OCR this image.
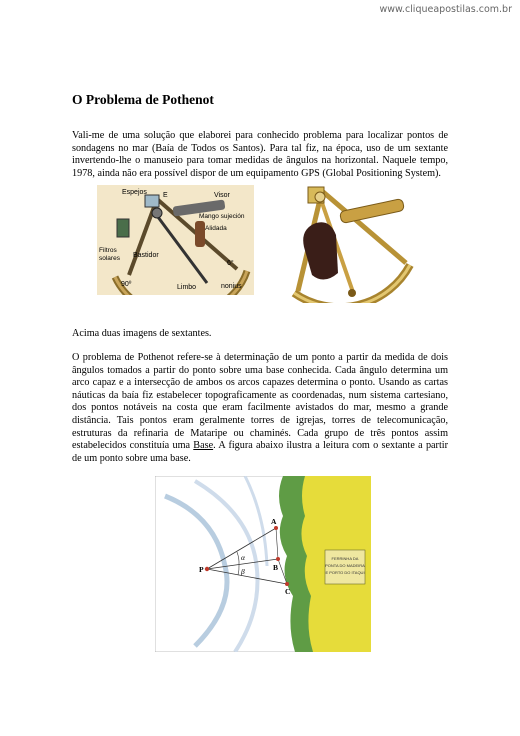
www.cliqueapostilas.com.br
O Problema de Pothenot

Vali-me de uma solução que elaborei para conhecido problema para localizar pontos de sondagens no mar (Baía de Todos os Santos). Para tal fiz, na época, uso de um sextante invertendo-lhe o manuseio para tomar medidas de ângulos na horizontal. Naquele tempo, 1978, ainda não era possível dispor de um equipamento GPS (Global Positioning System).

Espejos E	Visor
Mango sujeción
Alidada
Filtros
solares Bastidor
6°
90º	Limbo	nonius

Acima duas imagens de sextantes.

O problema de Pothenot refere-se à determinação de um ponto a partir da medida de dois ângulos tomados a partir do ponto sobre uma base conhecida. Cada ângulo determina um arco capaz e a intersecção de ambos os arcos capazes determina o ponto. Usando as cartas náuticas da baía fiz estabelecer topograficamente as coordenadas, num sistema cartesiano, dos pontos notáveis na costa que eram facilmente avistados do mar, mesmo a grande distância. Tais pontos eram geralmente torres de igrejas, torres de telecomunicação, estruturas da refinaria de Mataripe ou chaminés. Cada grupo de três pontos assim estabelecidos constituía uma Base. A figura abaixo ilustra a leitura com o sextante a partir de um ponto sobre uma base.

FERRINHA DA
PONTA DO MADEIRA
E PORTO DO ITAQUI
P
A
B
C
α
β
